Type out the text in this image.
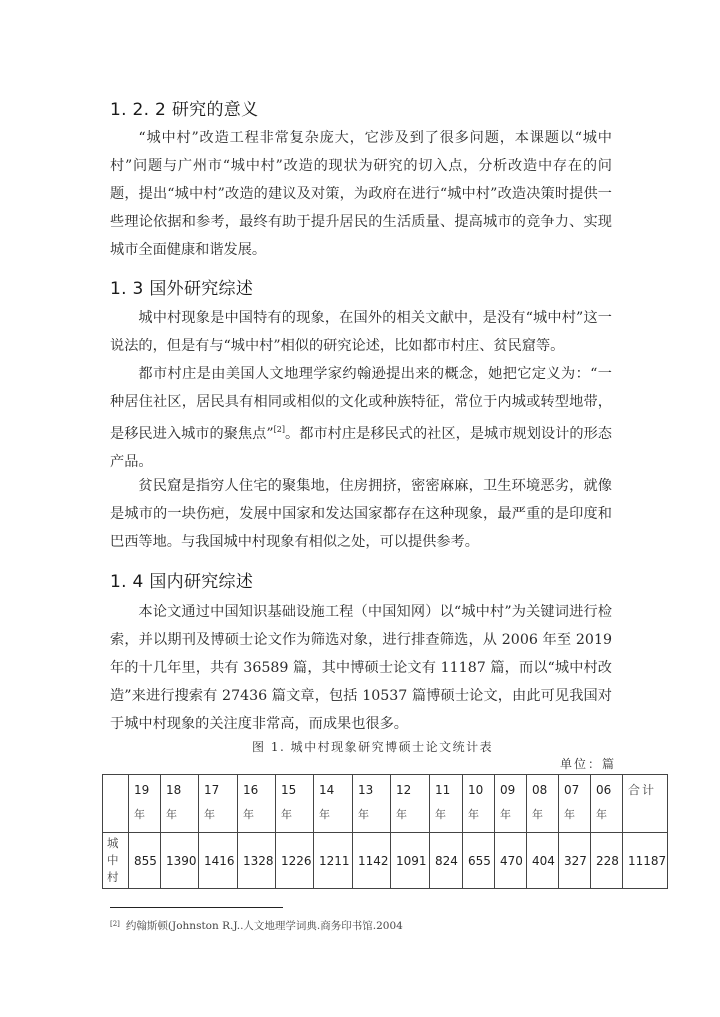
1. 2. 2 研究的意义

“城中村”改造工程非常复杂庞大，它涉及到了很多问题，本课题以“城中村”问题与广州市“城中村”改造的现状为研究的切入点，分析改造中存在的问题，提出“城中村”改造的建议及对策，为政府在进行“城中村”改造决策时提供一些理论依据和参考，最终有助于提升居民的生活质量、提高城市的竞争力、实现城市全面健康和谐发展。

1. 3 国外研究综述

城中村现象是中国特有的现象，在国外的相关文献中，是没有“城中村”这一说法的，但是有与“城中村”相似的研究论述，比如都市村庄、贫民窟等。

都市村庄是由美国人文地理学家约翰逊提出来的概念，她把它定义为：“一种居住社区，居民具有相同或相似的文化或种族特征，常位于内城或转型地带，是移民进入城市的聚焦点”[2]。都市村庄是移民式的社区，是城市规划设计的形态产品。

贫民窟是指穷人住宅的聚集地，住房拥挤，密密麻麻，卫生环境恶劣，就像是城市的一块伤疤，发展中国家和发达国家都存在这种现象，最严重的是印度和巴西等地。与我国城中村现象有相似之处，可以提供参考。

1. 4 国内研究综述

本论文通过中国知识基础设施工程（中国知网）以“城中村”为关键词进行检索，并以期刊及博硕士论文作为筛选对象，进行排查筛选，从 2006 年至 2019 年的十几年里，共有 36589 篇，其中博硕士论文有 11187 篇，而以“城中村改造”来进行搜索有 27436 篇文章，包括 10537 篇博硕士论文，由此可见我国对于城中村现象的关注度非常高，而成果也很多。

图 1. 城中村现象研究博硕士论文统计表
单位：篇

	19
年	18
年	17
年	16
年	15
年	14
年	13
年	12
年	11
年	10
年	09
年	08
年	07
年	06
年	合计

城
中
村	855	1390	1416	1328	1226	1211	1142	1091	824	655	470	404	327	228	11187
[2] 约翰斯顿(Johnston R.J..人文地理学词典.商务印书馆.2004
